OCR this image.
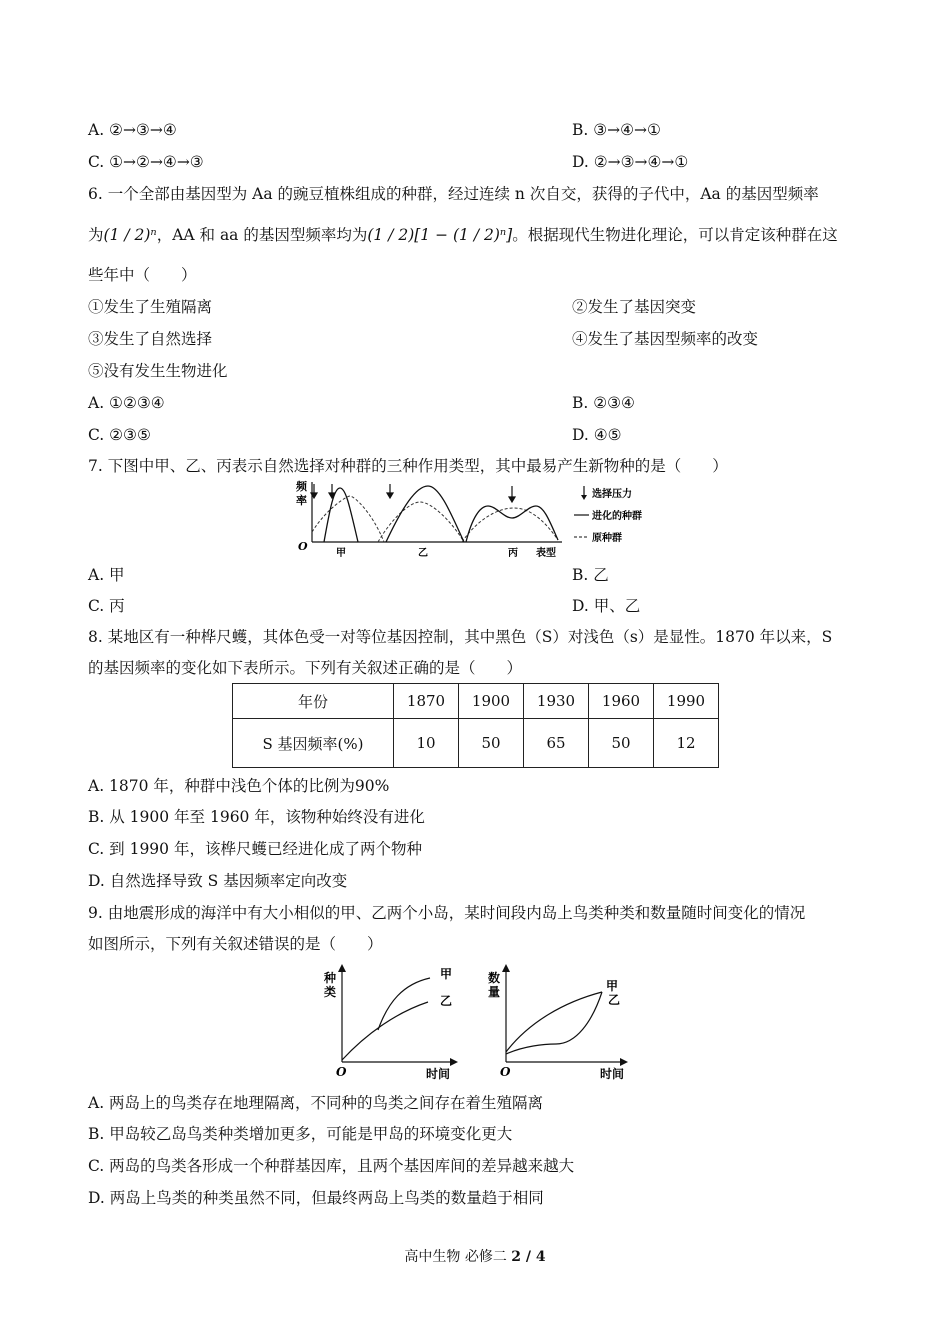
A. ②→③→④	B. ③→④→①
C. ①→②→④→③	D. ②→③→④→①
6. 一个全部由基因型为 Aa 的豌豆植株组成的种群，经过连续 n 次自交，获得的子代中，Aa 的基因型频率
为(1 / 2)ⁿ，AA 和 aa 的基因型频率均为(1 / 2)[1 − (1 / 2)ⁿ]。根据现代生物进化理论，可以肯定该种群在这
些年中（　　）
①发生了生殖隔离	②发生了基因突变
③发生了自然选择	④发生了基因型频率的改变
⑤没有发生生物进化
A. ①②③④	B. ②③④
C. ②③⑤	D. ④⑤
7. 下图中甲、乙、丙表示自然选择对种群的三种作用类型，其中最易产生新物种的是（　　）
频
率
O
甲	乙	丙 表型
选择压力
进化的种群
原种群
A. 甲	B. 乙
C. 丙	D. 甲、乙
8. 某地区有一种桦尺蠖，其体色受一对等位基因控制，其中黑色（S）对浅色（s）是显性。1870 年以来，S
的基因频率的变化如下表所示。下列有关叙述正确的是（　　）
年份	1870	1900	1930	1960	1990
S 基因频率(%)	10	50	65	50	12
A. 1870 年，种群中浅色个体的比例为90%
B. 从 1900 年至 1960 年，该物种始终没有进化
C. 到 1990 年，该桦尺蠖已经进化成了两个物种
D. 自然选择导致 S 基因频率定向改变
9. 由地震形成的海洋中有大小相似的甲、乙两个小岛，某时间段内岛上鸟类种类和数量随时间变化的情况
如图所示，下列有关叙述错误的是（　　）
种
类
O	时间
甲
乙
数
量
O	时间
甲
乙
A. 两岛上的鸟类存在地理隔离，不同种的鸟类之间存在着生殖隔离
B. 甲岛较乙岛鸟类种类增加更多，可能是甲岛的环境变化更大
C. 两岛的鸟类各形成一个种群基因库，且两个基因库间的差异越来越大
D. 两岛上鸟类的种类虽然不同，但最终两岛上鸟类的数量趋于相同
高中生物 必修二 2 / 4
